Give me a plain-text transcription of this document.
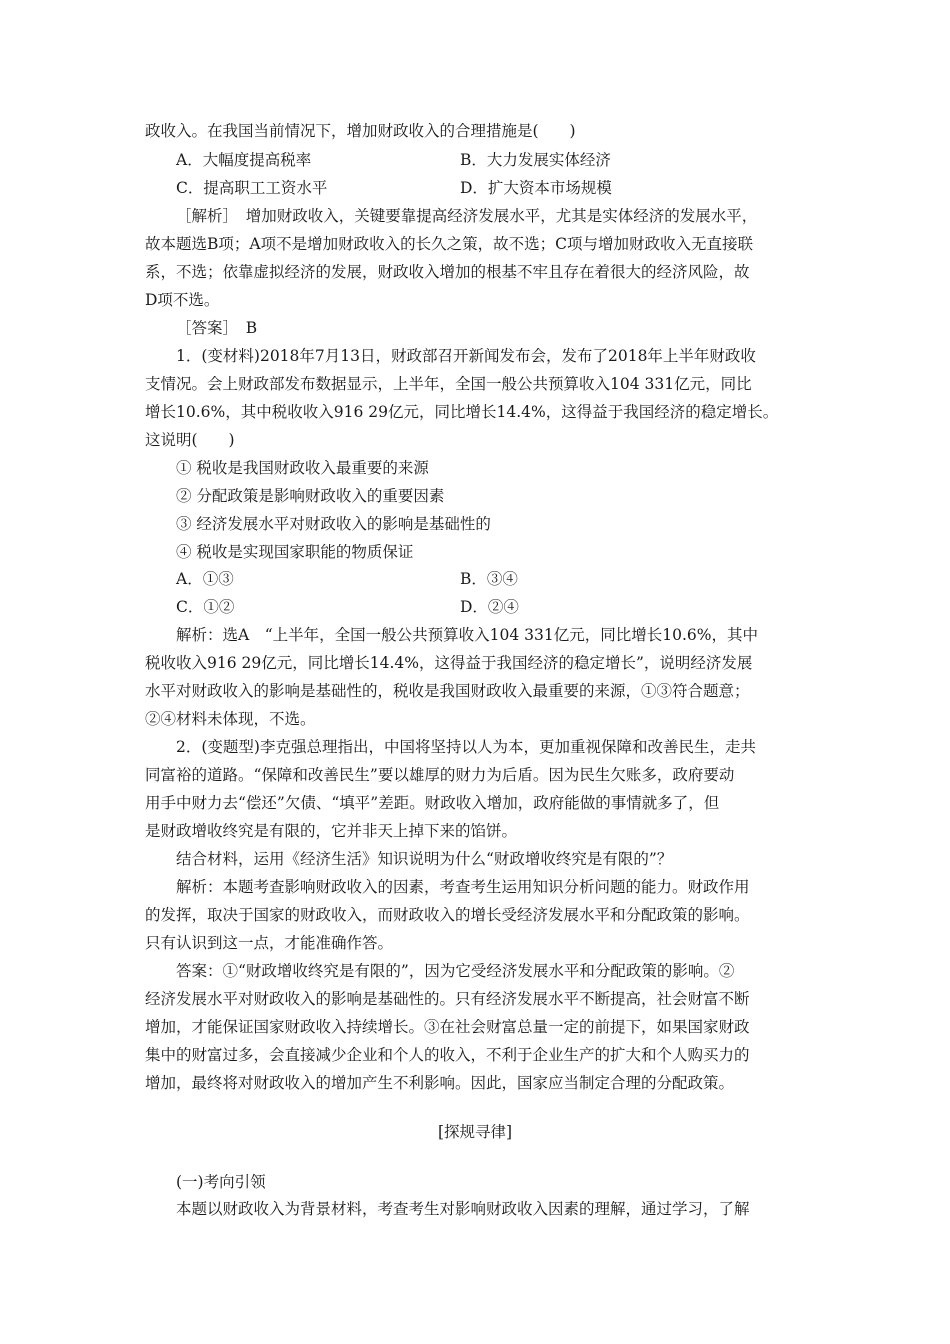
政收入。在我国当前情况下，增加财政收入的合理措施是(　　)
A．大幅度提高税率	B．大力发展实体经济
C．提高职工工资水平	D．扩大资本市场规模
［解析］　增加财政收入，关键要靠提高经济发展水平，尤其是实体经济的发展水平，
故本题选B项；A项不是增加财政收入的长久之策，故不选；C项与增加财政收入无直接联
系，不选；依靠虚拟经济的发展，财政收入增加的根基不牢且存在着很大的经济风险，故
D项不选。
［答案］　B
1．(变材料)2018年7月13日，财政部召开新闻发布会，发布了2018年上半年财政收
支情况。会上财政部发布数据显示，上半年，全国一般公共预算收入104 331亿元，同比
增长10.6%，其中税收收入916 29亿元，同比增长14.4%，这得益于我国经济的稳定增长。
这说明(　　)
① 税收是我国财政收入最重要的来源
② 分配政策是影响财政收入的重要因素
③ 经济发展水平对财政收入的影响是基础性的
④ 税收是实现国家职能的物质保证
A．①③	B．③④
C．①②	D．②④
解析：选A　“上半年，全国一般公共预算收入104 331亿元，同比增长10.6%，其中
税收收入916 29亿元，同比增长14.4%，这得益于我国经济的稳定增长”，说明经济发展
水平对财政收入的影响是基础性的，税收是我国财政收入最重要的来源，①③符合题意；
②④材料未体现，不选。
2．(变题型)李克强总理指出，中国将坚持以人为本，更加重视保障和改善民生，走共
同富裕的道路。“保障和改善民生”要以雄厚的财力为后盾。因为民生欠账多，政府要动
用手中财力去“偿还”欠债、“填平”差距。财政收入增加，政府能做的事情就多了，但
是财政增收终究是有限的，它并非天上掉下来的馅饼。
结合材料，运用《经济生活》知识说明为什么“财政增收终究是有限的”？
解析：本题考查影响财政收入的因素，考查考生运用知识分析问题的能力。财政作用
的发挥，取决于国家的财政收入，而财政收入的增长受经济发展水平和分配政策的影响。
只有认识到这一点，才能准确作答。
答案：①“财政增收终究是有限的”，因为它受经济发展水平和分配政策的影响。②
经济发展水平对财政收入的影响是基础性的。只有经济发展水平不断提高，社会财富不断
增加，才能保证国家财政收入持续增长。③在社会财富总量一定的前提下，如果国家财政
集中的财富过多，会直接减少企业和个人的收入，不利于企业生产的扩大和个人购买力的
增加，最终将对财政收入的增加产生不利影响。因此，国家应当制定合理的分配政策。
[探规寻律]
(一)考向引领
本题以财政收入为背景材料，考查考生对影响财政收入因素的理解，通过学习，了解
